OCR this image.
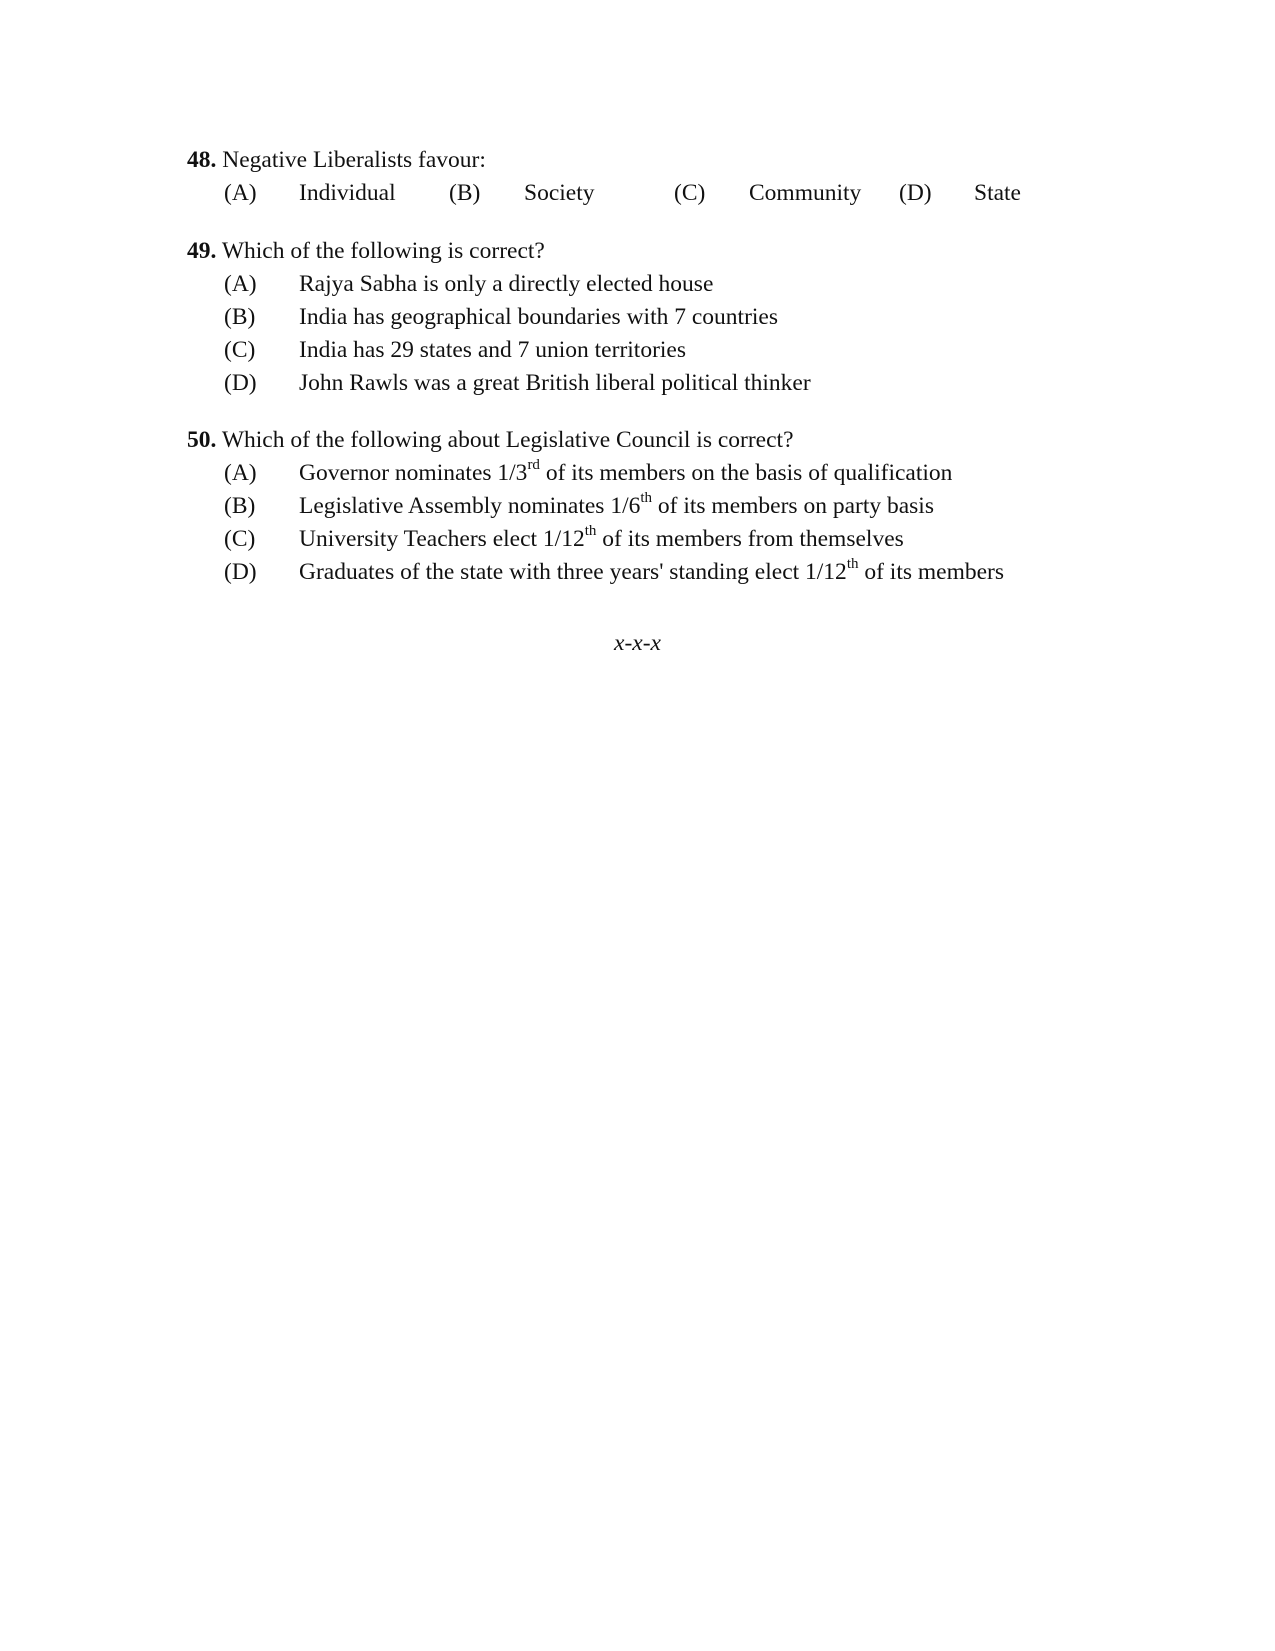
48. Negative Liberalists favour:
(A) Individual (B) Society	(C) Community (D) State
49. Which of the following is correct?
(A) Rajya Sabha is only a directly elected house
(B) India has geographical boundaries with 7 countries
(C) India has 29 states and 7 union territories
(D) John Rawls was a great British liberal political thinker
50. Which of the following about Legislative Council is correct?
(A) Governor nominates 1/3rd of its members on the basis of qualification
(B) Legislative Assembly nominates 1/6th of its members on party basis
(C) University Teachers elect 1/12th of its members from themselves
(D) Graduates of the state with three years' standing elect 1/12th of its members
x-x-x
